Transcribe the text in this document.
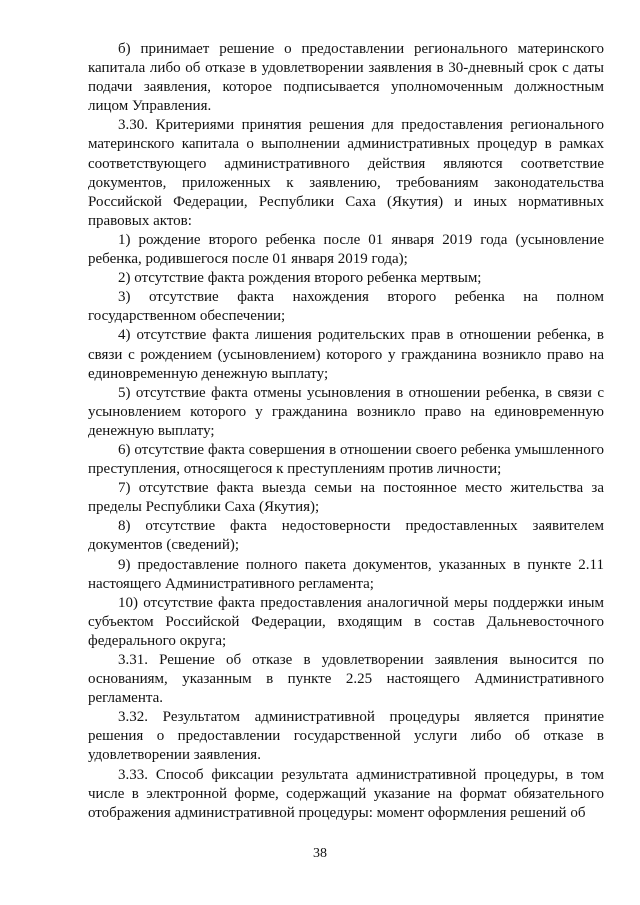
б) принимает решение о предоставлении регионального материнского капитала либо об отказе в удовлетворении заявления в 30-дневный срок с даты подачи заявления, которое подписывается уполномоченным должностным лицом Управления.

3.30. Критериями принятия решения для предоставления регионального материнского капитала о выполнении административных процедур в рамках соответствующего административного действия являются соответствие документов, приложенных к заявлению, требованиям законодательства Российской Федерации, Республики Саха (Якутия) и иных нормативных правовых актов:

1) рождение второго ребенка после 01 января 2019 года (усыновление ребенка, родившегося после 01 января 2019 года);

2) отсутствие факта рождения второго ребенка мертвым;

3) отсутствие факта нахождения второго ребенка на полном государственном обеспечении;

4) отсутствие факта лишения родительских прав в отношении ребенка, в связи с рождением (усыновлением) которого у гражданина возникло право на единовременную денежную выплату;

5) отсутствие факта отмены усыновления в отношении ребенка, в связи с усыновлением которого у гражданина возникло право на единовременную денежную выплату;

6) отсутствие факта совершения в отношении своего ребенка умышленного преступления, относящегося к преступлениям против личности;

7) отсутствие факта выезда семьи на постоянное место жительства за пределы Республики Саха (Якутия);

8) отсутствие факта недостоверности предоставленных заявителем документов (сведений);

9) предоставление полного пакета документов, указанных в пункте 2.11 настоящего Административного регламента;

10) отсутствие факта предоставления аналогичной меры поддержки иным субъектом Российской Федерации, входящим в состав Дальневосточного федерального округа;

3.31. Решение об отказе в удовлетворении заявления выносится по основаниям, указанным в пункте 2.25 настоящего Административного регламента.

3.32. Результатом административной процедуры является принятие решения о предоставлении государственной услуги либо об отказе в удовлетворении заявления.

3.33. Способ фиксации результата административной процедуры, в том числе в электронной форме, содержащий указание на формат обязательного отображения административной процедуры: момент оформления решений об

38
